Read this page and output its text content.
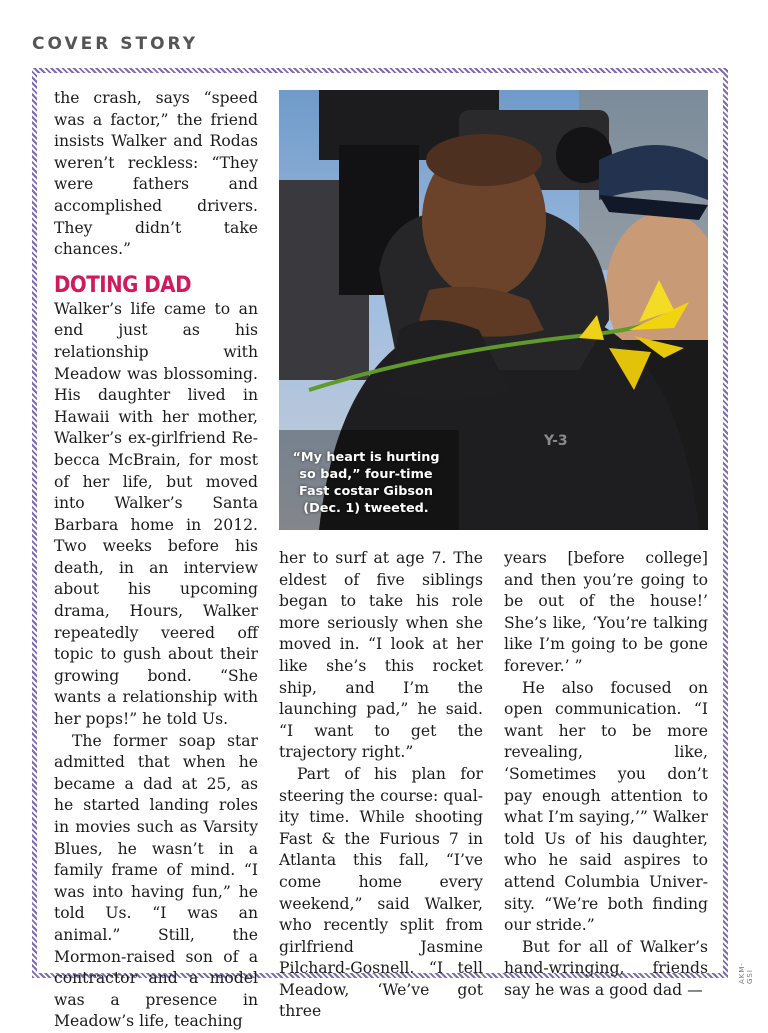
COVER STORY

the crash, says “speed was a factor,” the friend insists Walker and Rodas weren’t reckless: “They were fathers and accomplished drivers. They didn’t take chances.”

DOTING DAD

Walker’s life came to an end just as his relationship with Meadow was blossoming. His daughter lived in Hawaii with her mother, Walker’s ex-girlfriend Rebecca McBrain, for most of her life, but moved into Walker’s Santa Barbara home in 2012. Two weeks before his death, in an interview about his upcoming drama, Hours, Walker repeatedly veered off topic to gush about their growing bond. “She wants a relationship with her pops!” he told Us.

The former soap star admitted that when he became a dad at 25, as he started landing roles in movies such as Varsity Blues, he wasn’t in a family frame of mind. “I was into having fun,” he told Us. “I was an animal.” Still, the Mormon-raised son of a contractor and a model was a presence in Meadow’s life, teaching

Y-3
“My heart is hurting so bad,” four-time Fast costar Gibson (Dec. 1) tweeted.

her to surf at age 7. The eldest of five siblings began to take his role more seriously when she moved in. “I look at her like she’s this rocket ship, and I’m the launching pad,” he said. “I want to get the trajectory right.”

Part of his plan for steering the course: quality time. While shooting Fast & the Furious 7 in Atlanta this fall, “I’ve come home every weekend,” said Walker, who recently split from girlfriend Jasmine Pilchard-Gosnell. “I tell Meadow, ‘We’ve got three

years [before college] and then you’re going to be out of the house!’ She’s like, ‘You’re talking like I’m going to be gone forever.’ ”

He also focused on open communication. “I want her to be more revealing, like, ‘Sometimes you don’t pay enough attention to what I’m saying,’” Walker told Us of his daughter, who he said aspires to attend Columbia University. “We’re both finding our stride.”

But for all of Walker’s hand-wringing, friends say he was a good dad —

AKM-GSI
